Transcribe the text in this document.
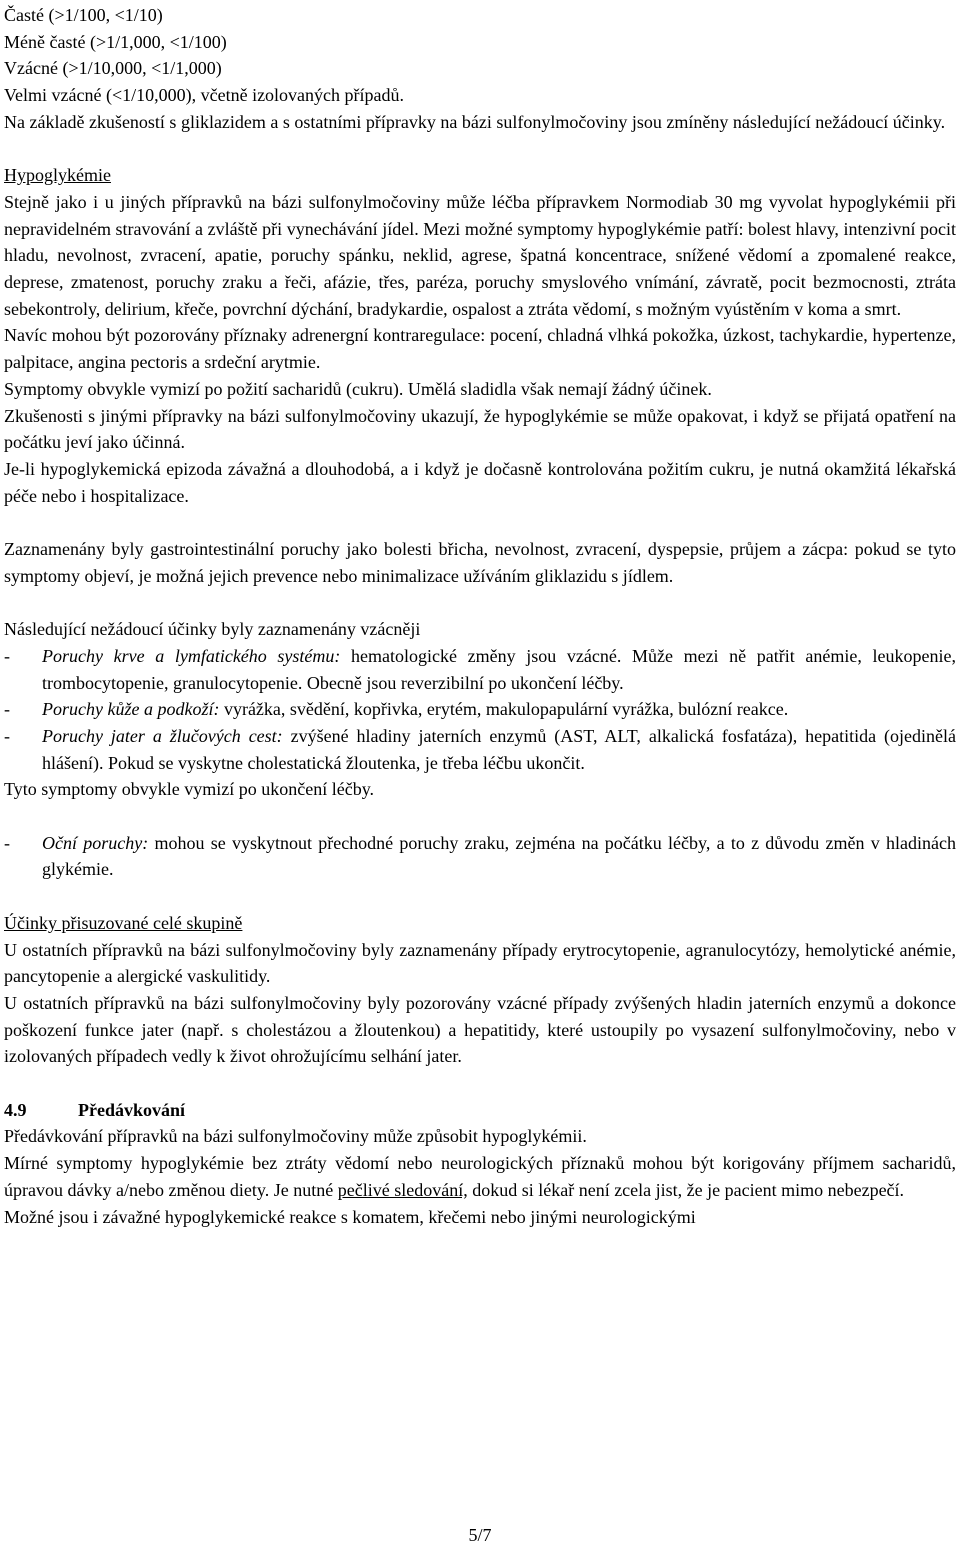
Časté (>1/100, <1/10)

Méně časté (>1/1,000, <1/100)

Vzácné (>1/10,000, <1/1,000)

Velmi vzácné (<1/10,000), včetně izolovaných případů.

Na základě zkušeností s gliklazidem a s ostatními přípravky na bázi sulfonylmočoviny jsou zmíněny následující nežádoucí účinky.

Hypoglykémie

Stejně jako i u jiných přípravků na bázi sulfonylmočoviny může léčba přípravkem Normodiab 30 mg vyvolat hypoglykémii při nepravidelném stravování a zvláště při vynechávání jídel. Mezi možné symptomy hypoglykémie patří: bolest hlavy, intenzivní pocit hladu, nevolnost, zvracení, apatie, poruchy spánku, neklid, agrese, špatná koncentrace, snížené vědomí a zpomalené reakce, deprese, zmatenost, poruchy zraku a řeči, afázie, třes, paréza, poruchy smyslového vnímání, závratě, pocit bezmocnosti, ztráta sebekontroly, delirium, křeče, povrchní dýchání, bradykardie, ospalost a ztráta vědomí, s možným vyústěním v koma a smrt.

Navíc mohou být pozorovány příznaky adrenergní kontraregulace: pocení, chladná vlhká pokožka, úzkost, tachykardie, hypertenze, palpitace, angina pectoris a srdeční arytmie.

Symptomy obvykle vymizí po požití sacharidů (cukru). Umělá sladidla však nemají žádný účinek.

Zkušenosti s jinými přípravky na bázi sulfonylmočoviny ukazují, že hypoglykémie se může opakovat, i když se přijatá opatření na počátku jeví jako účinná.

Je-li hypoglykemická epizoda závažná a dlouhodobá, a i když je dočasně kontrolována požitím cukru, je nutná okamžitá lékařská péče nebo i hospitalizace.

Zaznamenány byly gastrointestinální poruchy jako bolesti břicha, nevolnost, zvracení, dyspepsie, průjem a zácpa: pokud se tyto symptomy objeví, je možná jejich prevence nebo minimalizace užíváním gliklazidu s jídlem.

Následující nežádoucí účinky byly zaznamenány vzácněji

- Poruchy krve a lymfatického systému: hematologické změny jsou vzácné. Může mezi ně patřit anémie, leukopenie, trombocytopenie, granulocytopenie. Obecně jsou reverzibilní po ukončení léčby.
- Poruchy kůže a podkoží: vyrážka, svědění, kopřivka, erytém, makulopapulární vyrážka, bulózní reakce.
- Poruchy jater a žlučových cest: zvýšené hladiny jaterních enzymů (AST, ALT, alkalická fosfatáza), hepatitida (ojedinělá hlášení). Pokud se vyskytne cholestatická žloutenka, je třeba léčbu ukončit.

Tyto symptomy obvykle vymizí po ukončení léčby.

- Oční poruchy: mohou se vyskytnout přechodné poruchy zraku, zejména na počátku léčby, a to z důvodu změn v hladinách glykémie.

Účinky přisuzované celé skupině

U ostatních přípravků na bázi sulfonylmočoviny byly zaznamenány případy erytrocytopenie, agranulocytózy, hemolytické anémie, pancytopenie a alergické vaskulitidy.

U ostatních přípravků na bázi sulfonylmočoviny byly pozorovány vzácné případy zvýšených hladin jaterních enzymů a dokonce poškození funkce jater (např. s cholestázou a žloutenkou) a hepatitidy, které ustoupily po vysazení sulfonylmočoviny, nebo v izolovaných případech vedly k život ohrožujícímu selhání jater.

4.9	Předávkování

Předávkování přípravků na bázi sulfonylmočoviny může způsobit hypoglykémii.

Mírné symptomy hypoglykémie bez ztráty vědomí nebo neurologických příznaků mohou být korigovány příjmem sacharidů, úpravou dávky a/nebo změnou diety. Je nutné pečlivé sledování, dokud si lékař není zcela jist, že je pacient mimo nebezpečí.

Možné jsou i závažné hypoglykemické reakce s komatem, křečemi nebo jinými neurologickými

5/7
